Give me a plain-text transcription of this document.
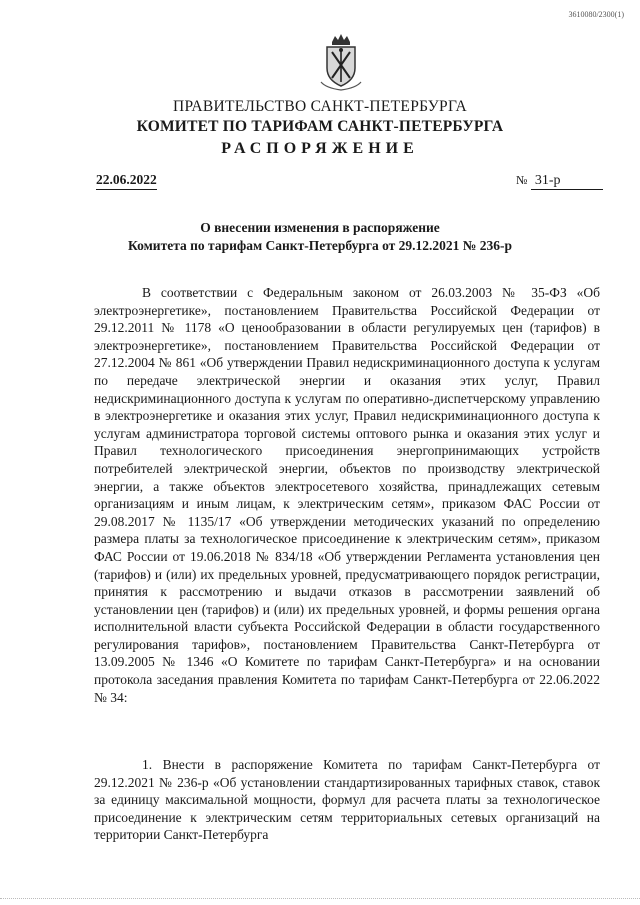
3610080/2300(1)
ПРАВИТЕЛЬСТВО САНКТ-ПЕТЕРБУРГА
КОМИТЕТ ПО ТАРИФАМ САНКТ-ПЕТЕРБУРГА
РАСПОРЯЖЕНИЕ
22.06.2022	№ 31-р
О внесении изменения в распоряжение
Комитета по тарифам Санкт-Петербурга от 29.12.2021 № 236-р

В соответствии с Федеральным законом от 26.03.2003 № 35-ФЗ «Об электроэнергетике», постановлением Правительства Российской Федерации от 29.12.2011 № 1178 «О ценообразовании в области регулируемых цен (тарифов) в электроэнергетике», постановлением Правительства Российской Федерации от 27.12.2004 № 861 «Об утверждении Правил недискриминационного доступа к услугам по передаче электрической энергии и оказания этих услуг, Правил недискриминационного доступа к услугам по оперативно-диспетчерскому управлению в электроэнергетике и оказания этих услуг, Правил недискриминационного доступа к услугам администратора торговой системы оптового рынка и оказания этих услуг и Правил технологического присоединения энергопринимающих устройств потребителей электрической энергии, объектов по производству электрической энергии, а также объектов электросетевого хозяйства, принадлежащих сетевым организациям и иным лицам, к электрическим сетям», приказом ФАС России от 29.08.2017 № 1135/17 «Об утверждении методических указаний по определению размера платы за технологическое присоединение к электрическим сетям», приказом ФАС России от 19.06.2018 № 834/18 «Об утверждении Регламента установления цен (тарифов) и (или) их предельных уровней, предусматривающего порядок регистрации, принятия к рассмотрению и выдачи отказов в рассмотрении заявлений об установлении цен (тарифов) и (или) их предельных уровней, и формы решения органа исполнительной власти субъекта Российской Федерации в области государственного регулирования тарифов», постановлением Правительства Санкт-Петербурга от 13.09.2005 № 1346 «О Комитете по тарифам Санкт-Петербурга» и на основании протокола заседания правления Комитета по тарифам Санкт-Петербурга от 22.06.2022 № 34:

1. Внести в распоряжение Комитета по тарифам Санкт-Петербурга от 29.12.2021 № 236-р «Об установлении стандартизированных тарифных ставок, ставок за единицу максимальной мощности, формул для расчета платы за технологическое присоединение к электрическим сетям территориальных сетевых организаций на территории Санкт-Петербурга
